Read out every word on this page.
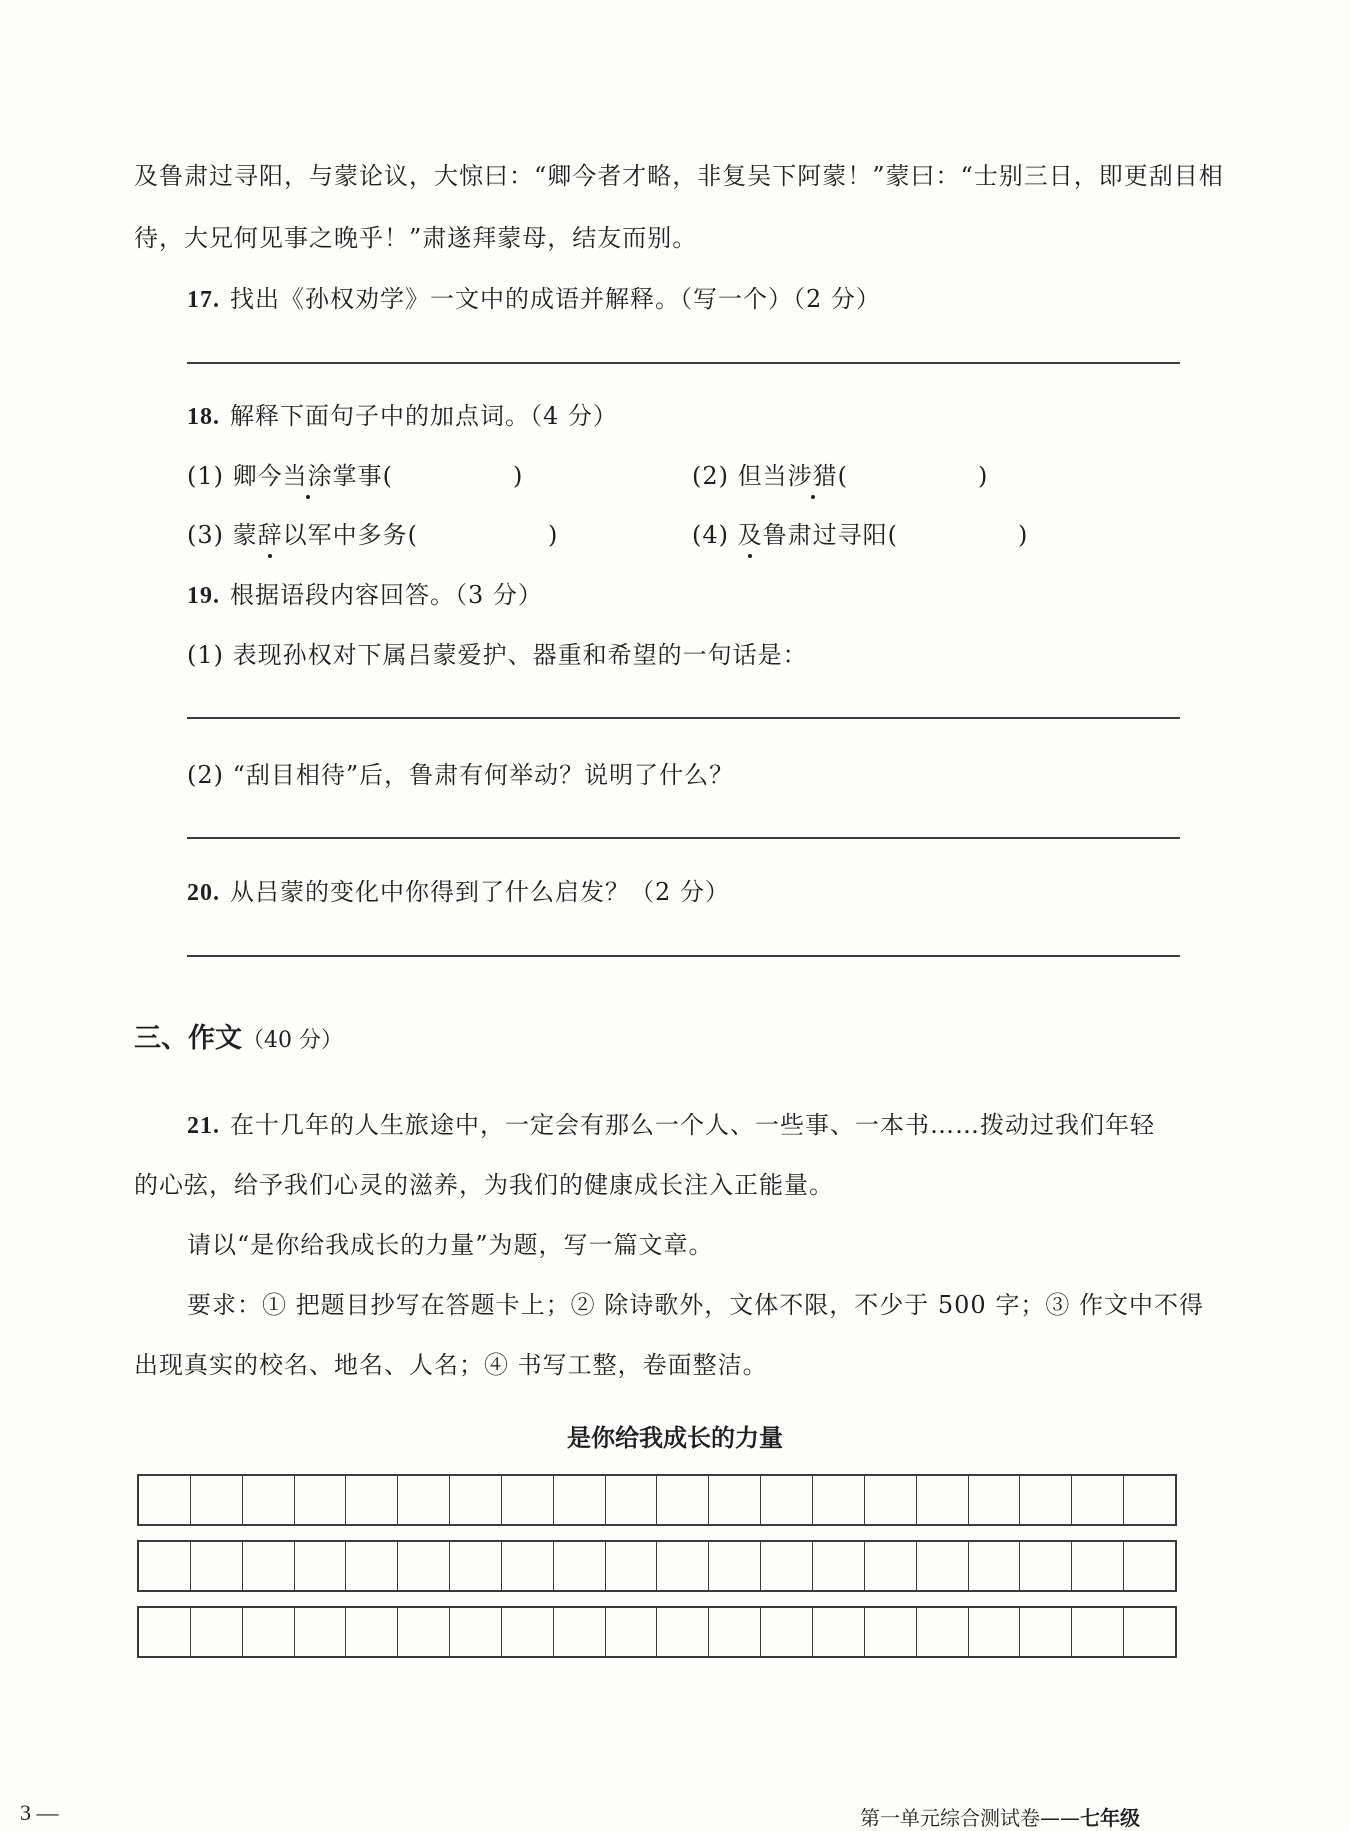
及鲁肃过寻阳，与蒙论议，大惊曰：“卿今者才略，非复吴下阿蒙！”蒙曰：“士别三日，即更刮目相
待，大兄何见事之晚乎！”肃遂拜蒙母，结友而别。
17. 找出《孙权劝学》一文中的成语并解释。（写一个）（2 分）
18. 解释下面句子中的加点词。（4 分）
(1) 卿今当涂掌事(	)	(2) 但当涉猎(	)
(3) 蒙辞以军中多务(	)	(4) 及鲁肃过寻阳(	)
19. 根据语段内容回答。（3 分）
(1) 表现孙权对下属吕蒙爱护、器重和希望的一句话是：
(2) “刮目相待”后，鲁肃有何举动？说明了什么？
20. 从吕蒙的变化中你得到了什么启发？（2 分）
三、作文（40 分）
21. 在十几年的人生旅途中，一定会有那么一个人、一些事、一本书……拨动过我们年轻
的心弦，给予我们心灵的滋养，为我们的健康成长注入正能量。
请以“是你给我成长的力量”为题，写一篇文章。
要求：① 把题目抄写在答题卡上；② 除诗歌外，文体不限，不少于 500 字；③ 作文中不得
出现真实的校名、地名、人名；④ 书写工整，卷面整洁。
是你给我成长的力量
3 —	第一单元综合测试卷——七年级
